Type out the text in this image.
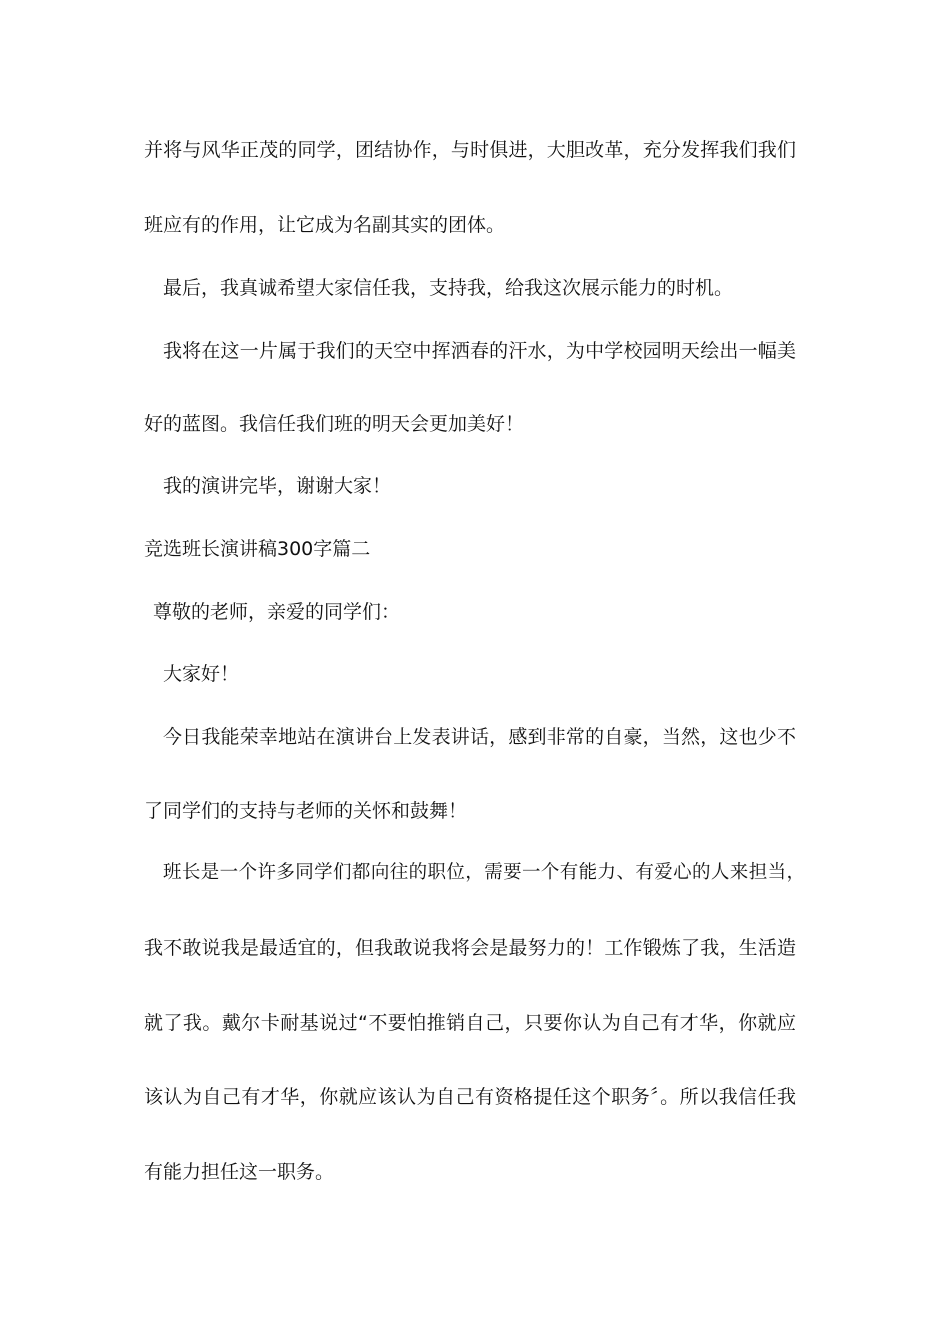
并将与风华正茂的同学，团结协作，与时俱进，大胆改革，充分发挥我们我们
班应有的作用，让它成为名副其实的团体。
最后，我真诚希望大家信任我，支持我，给我这次展示能力的时机。
我将在这一片属于我们的天空中挥洒春的汗水，为中学校园明天绘出一幅美
好的蓝图。我信任我们班的明天会更加美好！
我的演讲完毕，谢谢大家！
竞选班长演讲稿300字篇二
尊敬的老师，亲爱的同学们：
大家好！
今日我能荣幸地站在演讲台上发表讲话，感到非常的自豪，当然，这也少不
了同学们的支持与老师的关怀和鼓舞！
班长是一个许多同学们都向往的职位，需要一个有能力、有爱心的人来担当，
我不敢说我是最适宜的，但我敢说我将会是最努力的！工作锻炼了我，生活造
就了我。戴尔卡耐基说过“不要怕推销自己，只要你认为自己有才华，你就应
该认为自己有才华，你就应该认为自己有资格提任这个职务〞。所以我信任我
有能力担任这一职务。
